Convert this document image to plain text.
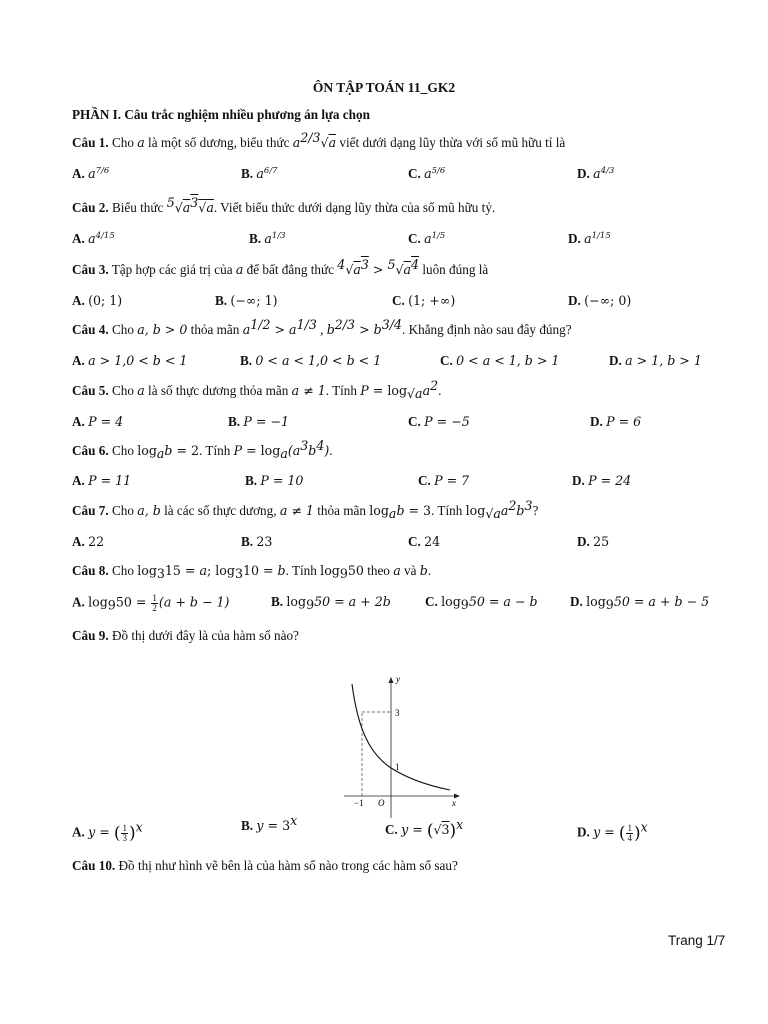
ÔN TẬP TOÁN 11_GK2
PHẦN I. Câu trắc nghiệm nhiều phương án lựa chọn
Câu 1. Cho a là một số dương, biểu thức $a^{2/3}√a$ viết dưới dạng lũy thừa với số mũ hữu tỉ là
A. $a^{7/6}$	B. $a^{6/7}$	C. $a^{5/6}$	D. $a^{4/3}$
Câu 2. Biểu thức $^5√a^3√a$. Viết biểu thức dưới dạng lũy thừa của số mũ hữu tỷ.
A. $a^{4/15}$	B. $a^{1/3}$	C. $a^{1/5}$	D. $a^{1/15}$
Câu 3. Tập hợp các giá trị của a để bất đẳng thức $^4√a^3 > ^5√a^4$ luôn đúng là
A. (0; 1)	B. (−∞; 1)	C. (1; +∞)	D. (−∞; 0)
Câu 4. Cho a, b > 0 thỏa mãn $a^{1/2} > a^{1/3}$ , $b^{2/3} > b^{3/4}$. Khẳng định nào sau đây đúng?
A. a > 1,0 < b < 1	B. 0 < a < 1,0 < b < 1	C. 0 < a < 1, b > 1	D. a > 1, b > 1
Câu 5. Cho a là số thực dương thỏa mãn a ≠ 1. Tính $P = \log_{√a}a^2$.
A. P = 4	B. P = −1	C. P = −5	D. P = 6
Câu 6. Cho $\log_ab = 2$. Tính $P = \log_a(a^3b^4)$.
A. P = 11	B. P = 10	C. P = 7	D. P = 24
Câu 7. Cho a, b là các số thực dương, a ≠ 1 thỏa mãn $\log_ab = 3$. Tính $\log_{√a}a^2b^3$?
A. 22	B. 23	C. 24	D. 25
Câu 8. Cho $\log_315 = a$; $\log_310 = b$. Tính $\log_950$ theo a và b.
A. $\log_950 = \frac{1}{2} (a + b - 1)$	B. $\log_950 = a + 2b$	C. $\log_950 = a - b$ D. $\log_950 = a + b - 5$
Câu 9. Đồ thị dưới đây là của hàm số nào?
y
x
O
3
1
−1
A. y = ( $\frac{1}{3} )^x$	B. $y = 3^x$
C. $y = (√3)^x$
D. y = ( $\frac{1}{4} )^x$
Câu 10. Đồ thị như hình vẽ bên là của hàm số nào trong các hàm số sau?
Trang 1/7
